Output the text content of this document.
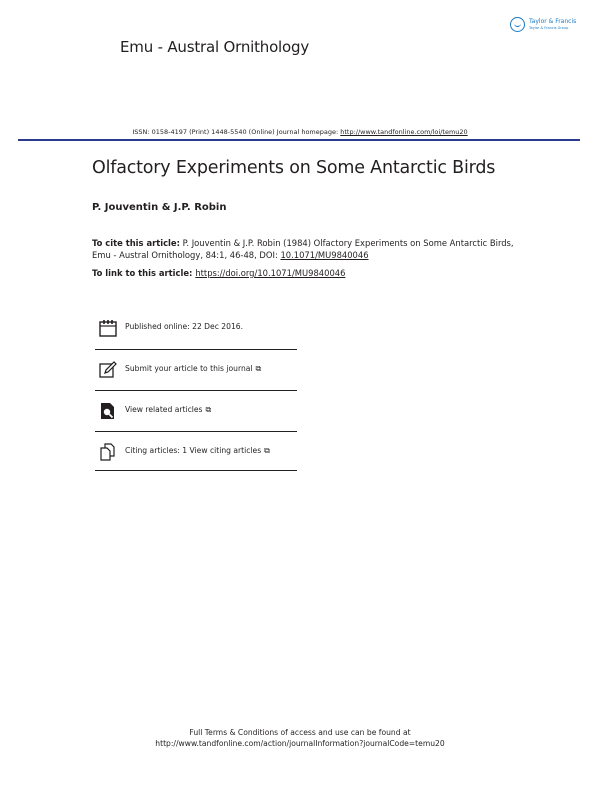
Emu - Austral Ornithology
Taylor & Francis
Taylor & Francis Group
ISSN: 0158-4197 (Print) 1448-5540 (Online) Journal homepage: http://www.tandfonline.com/loi/temu20
Olfactory Experiments on Some Antarctic Birds
P. Jouventin & J.P. Robin
To cite this article: P. Jouventin & J.P. Robin (1984) Olfactory Experiments on Some Antarctic Birds, Emu - Austral Ornithology, 84:1, 46-48, DOI: 10.1071/MU9840046
To link to this article: https://doi.org/10.1071/MU9840046
Published online: 22 Dec 2016.
Submit your article to this journal ⧉
View related articles ⧉
Citing articles: 1 View citing articles ⧉
Full Terms & Conditions of access and use can be found at
http://www.tandfonline.com/action/journalInformation?journalCode=temu20
